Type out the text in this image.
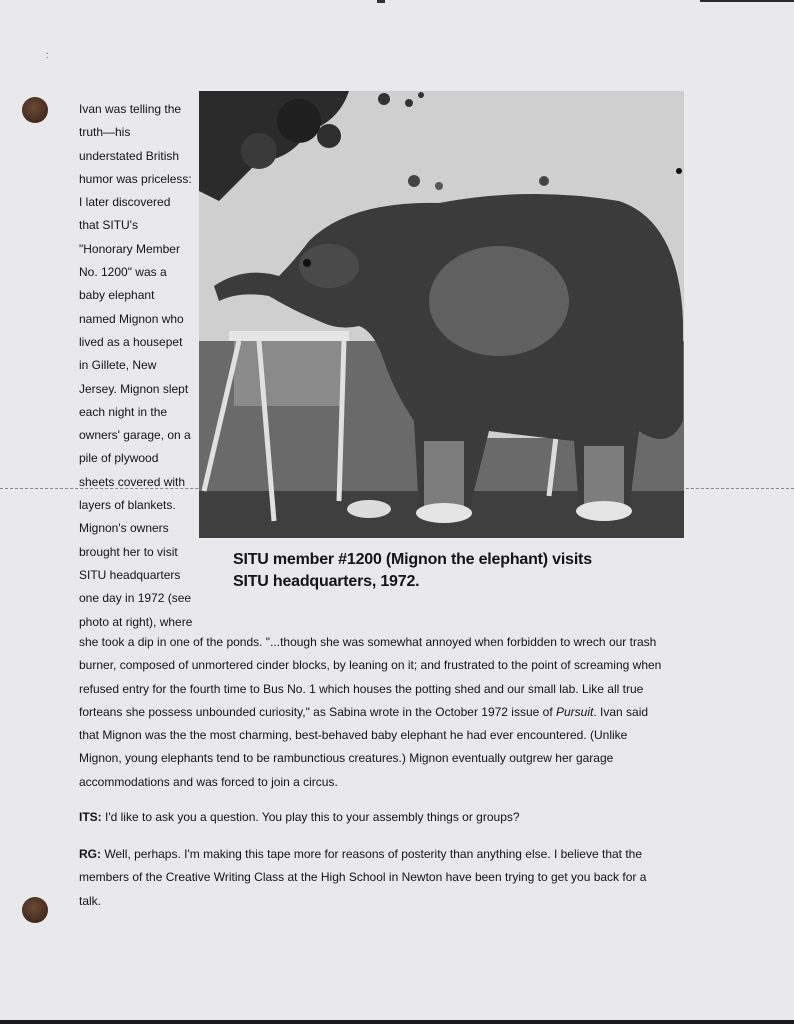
:

Ivan was telling the
truth—his
understated British
humor was priceless:
I later discovered
that SITU's
"Honorary Member
No. 1200" was a
baby elephant
named Mignon who
lived as a housepet
in Gillete, New
Jersey. Mignon slept
each night in the
owners' garage, on a
pile of plywood
sheets covered with
layers of blankets.
Mignon's owners
brought her to visit
SITU headquarters
one day in 1972 (see
photo at right), where

SITU member #1200 (Mignon the elephant) visits
SITU headquarters, 1972.

she took a dip in one of the ponds. "...though she was somewhat annoyed when forbidden to wrech our trash
burner, composed of unmortered cinder blocks, by leaning on it; and frustrated to the point of screaming when
refused entry for the fourth time to Bus No. 1 which houses the potting shed and our small lab. Like all true
forteans she possess unbounded curiosity," as Sabina wrote in the October 1972 issue of Pursuit. Ivan said
that Mignon was the the most charming, best-behaved baby elephant he had ever encountered. (Unlike
Mignon, young elephants tend to be rambunctious creatures.) Mignon eventually outgrew her garage
accommodations and was forced to join a circus.

ITS: I'd like to ask you a question. You play this to your assembly things or groups?

RG: Well, perhaps. I'm making this tape more for reasons of posterity than anything else. I believe that the
members of the Creative Writing Class at the High School in Newton have been trying to get you back for a
talk.
